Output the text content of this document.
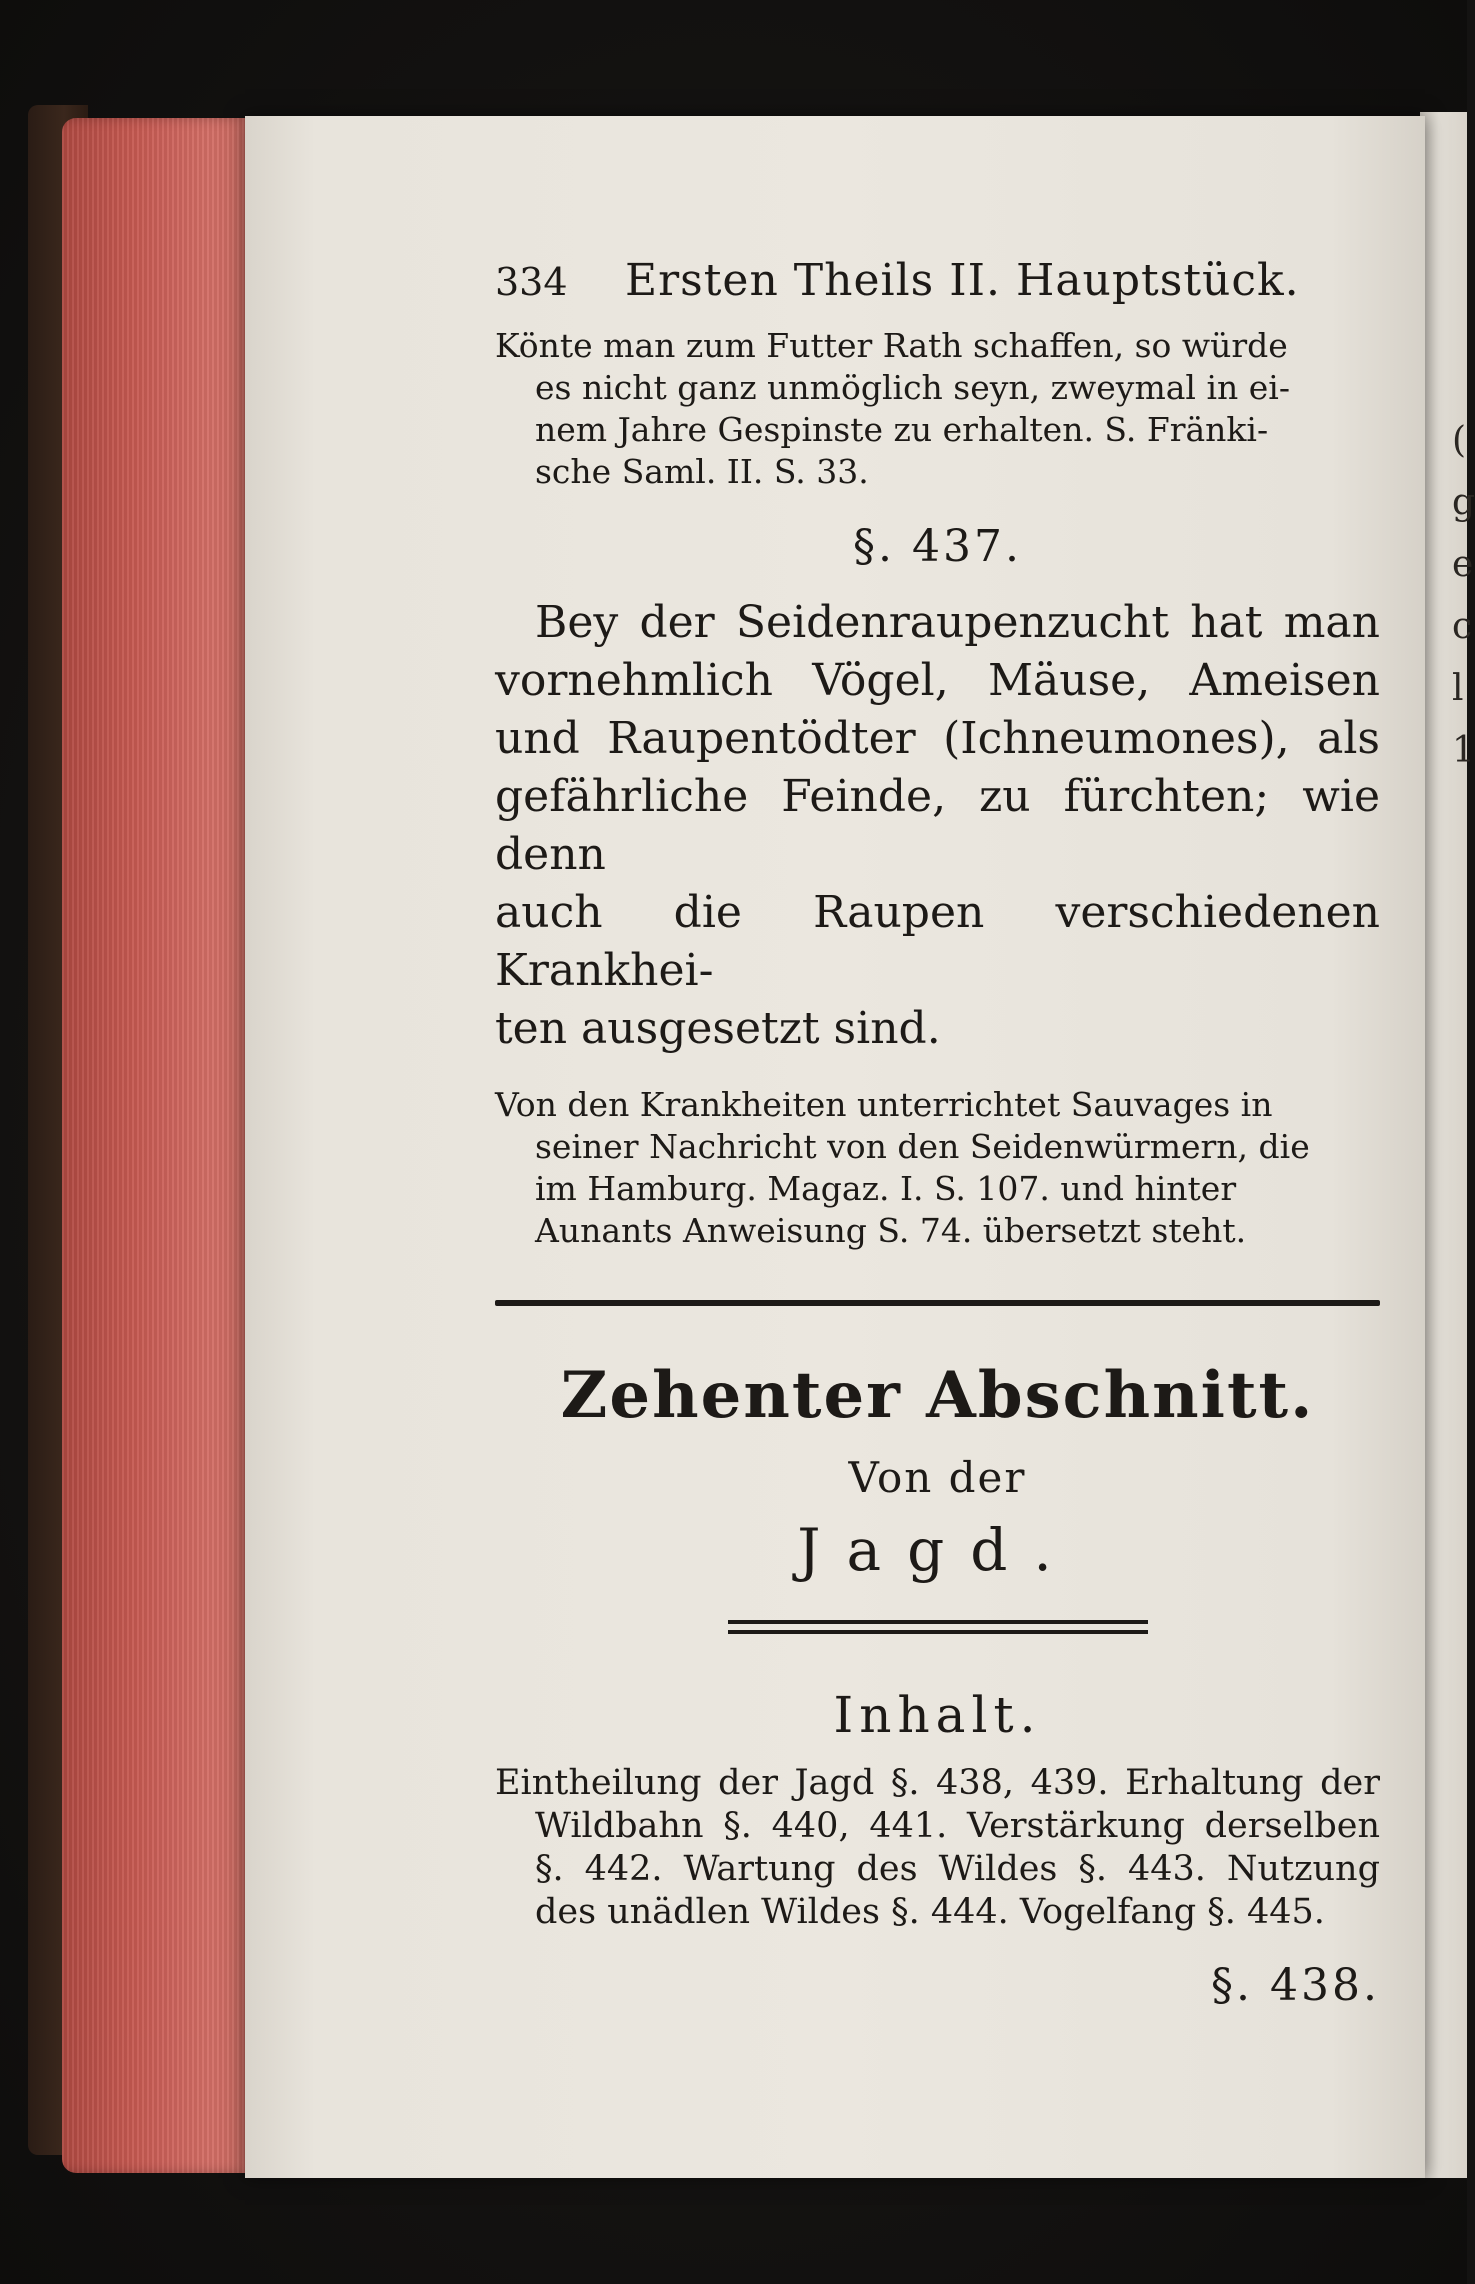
(
g
e
c
l
1
334	Ersten Theils II. Hauptstück.
Könte man zum Futter Rath schaffen, so würde
es nicht ganz unmöglich seyn, zweymal in ei-
nem Jahre Gespinste zu erhalten. S. Fränki-
sche Saml. II. S. 33.
§. 437.
Bey der Seidenraupenzucht hat man
vornehmlich Vögel, Mäuse, Ameisen
und Raupentödter (Ichneumones), als
gefährliche Feinde, zu fürchten; wie denn
auch die Raupen verschiedenen Krankhei-
ten ausgesetzt sind.
Von den Krankheiten unterrichtet Sauvages in
seiner Nachricht von den Seidenwürmern, die
im Hamburg. Magaz. I. S. 107. und hinter
Aunants Anweisung S. 74. übersetzt steht.
Zehenter Abschnitt.
Von der
Jagd.
Inhalt.
Eintheilung der Jagd §. 438, 439. Erhaltung der
Wildbahn §. 440, 441. Verstärkung derselben
§. 442. Wartung des Wildes §. 443. Nutzung
des unädlen Wildes §. 444. Vogelfang §. 445.
§. 438.
